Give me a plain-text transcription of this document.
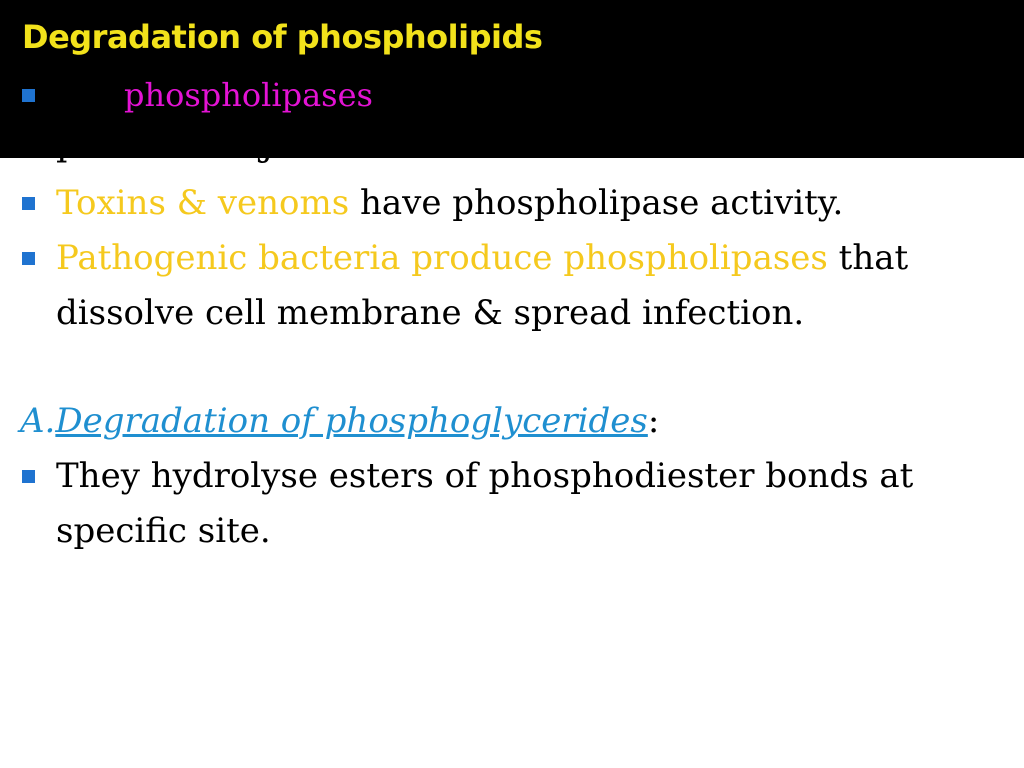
Degradation of phospholipids
phospholipases
Toxins & venoms have phospholipase activity.
Pathogenic bacteria produce phospholipases that
dissolve cell membrane & spread infection.
A.Degradation of phosphoglycerides:
They hydrolyse esters of phosphodiester bonds at
specific site.
